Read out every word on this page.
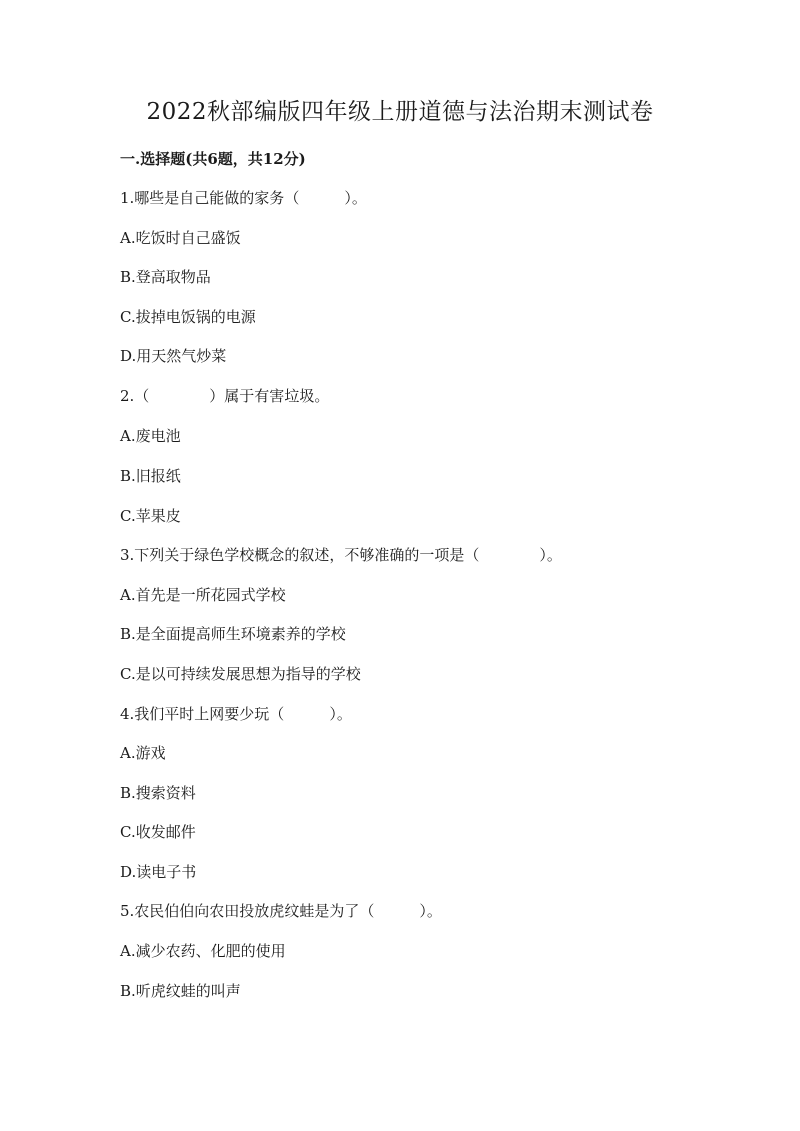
2022秋部编版四年级上册道德与法治期末测试卷
一.选择题(共6题，共12分)
1.哪些是自己能做的家务（　　　）。
A.吃饭时自己盛饭
B.登高取物品
C.拔掉电饭锅的电源
D.用天然气炒菜
2.（　　　　）属于有害垃圾。
A.废电池
B.旧报纸
C.苹果皮
3.下列关于绿色学校概念的叙述，不够准确的一项是（　　　　）。
A.首先是一所花园式学校
B.是全面提高师生环境素养的学校
C.是以可持续发展思想为指导的学校
4.我们平时上网要少玩（　　　）。
A.游戏
B.搜索资料
C.收发邮件
D.读电子书
5.农民伯伯向农田投放虎纹蛙是为了（　　　）。
A.减少农药、化肥的使用
B.听虎纹蛙的叫声
